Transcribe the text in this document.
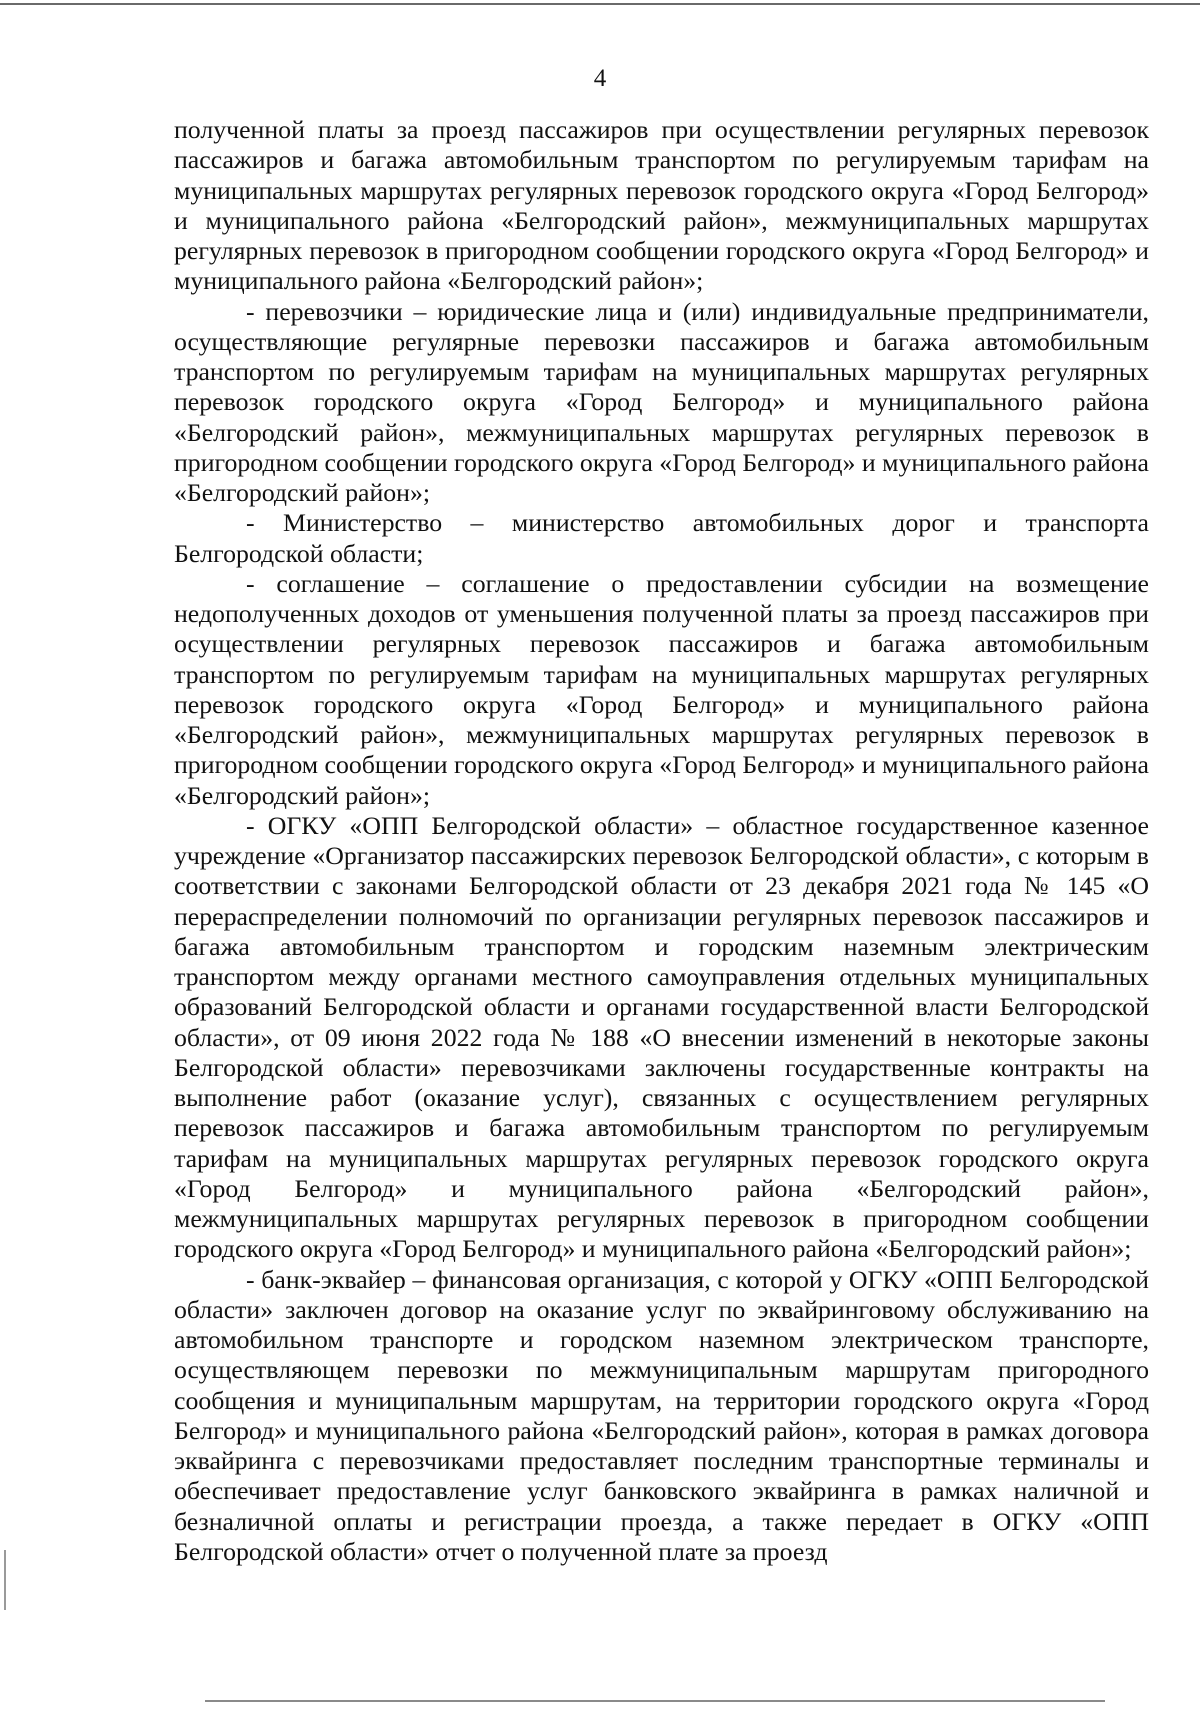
4

полученной платы за проезд пассажиров при осуществлении регулярных перевозок пассажиров и багажа автомобильным транспортом по регулируемым тарифам на муниципальных маршрутах регулярных перевозок городского округа «Город Белгород» и муниципального района «Белгородский район», межмуниципальных маршрутах регулярных перевозок в пригородном сообщении городского округа «Город Белгород» и муниципального района «Белгородский район»;

- перевозчики – юридические лица и (или) индивидуальные предприниматели, осуществляющие регулярные перевозки пассажиров и багажа автомобильным транспортом по регулируемым тарифам на муниципальных маршрутах регулярных перевозок городского округа «Город Белгород» и муниципального района «Белгородский район», межмуниципальных маршрутах регулярных перевозок в пригородном сообщении городского округа «Город Белгород» и муниципального района «Белгородский район»;

- Министерство – министерство автомобильных дорог и транспорта Белгородской области;

- соглашение – соглашение о предоставлении субсидии на возмещение недополученных доходов от уменьшения полученной платы за проезд пассажиров при осуществлении регулярных перевозок пассажиров и багажа автомобильным транспортом по регулируемым тарифам на муниципальных маршрутах регулярных перевозок городского округа «Город Белгород» и муниципального района «Белгородский район», межмуниципальных маршрутах регулярных перевозок в пригородном сообщении городского округа «Город Белгород» и муниципального района «Белгородский район»;

- ОГКУ «ОПП Белгородской области» – областное государственное казенное учреждение «Организатор пассажирских перевозок Белгородской области», с которым в соответствии с законами Белгородской области от 23 декабря 2021 года № 145 «О перераспределении полномочий по организации регулярных перевозок пассажиров и багажа автомобильным транспортом и городским наземным электрическим транспортом между органами местного самоуправления отдельных муниципальных образований Белгородской области и органами государственной власти Белгородской области», от 09 июня 2022 года № 188 «О внесении изменений в некоторые законы Белгородской области» перевозчиками заключены государственные контракты на выполнение работ (оказание услуг), связанных с осуществлением регулярных перевозок пассажиров и багажа автомобильным транспортом по регулируемым тарифам на муниципальных маршрутах регулярных перевозок городского округа «Город Белгород» и муниципального района «Белгородский район», межмуниципальных маршрутах регулярных перевозок в пригородном сообщении городского округа «Город Белгород» и муниципального района «Белгородский район»;

- банк-эквайер – финансовая организация, с которой у ОГКУ «ОПП Белгородской области» заключен договор на оказание услуг по эквайринговому обслуживанию на автомобильном транспорте и городском наземном электрическом транспорте, осуществляющем перевозки по межмуниципальным маршрутам пригородного сообщения и муниципальным маршрутам, на территории городского округа «Город Белгород» и муниципального района «Белгородский район», которая в рамках договора эквайринга с перевозчиками предоставляет последним транспортные терминалы и обеспечивает предоставление услуг банковского эквайринга в рамках наличной и безналичной оплаты и регистрации проезда, а также передает в ОГКУ «ОПП Белгородской области» отчет о полученной плате за проезд
